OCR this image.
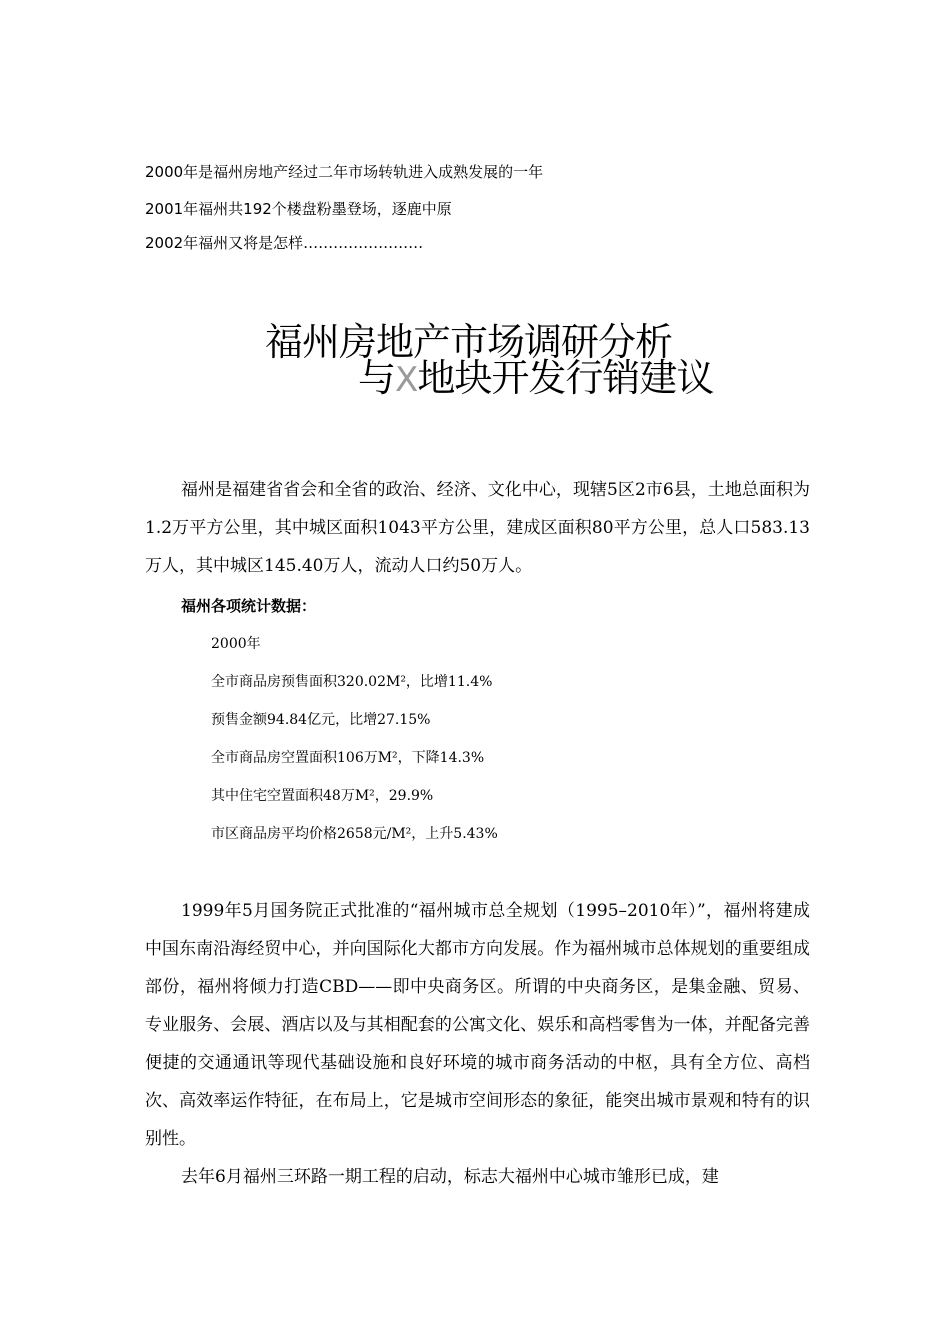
2000年是福州房地产经过二年市场转轨进入成熟发展的一年
2001年福州共192个楼盘粉墨登场，逐鹿中原
2002年福州又将是怎样……………………
福州房地产市场调研分析
与X地块开发行销建议
福州是福建省省会和全省的政治、经济、文化中心，现辖5区2市6县，土地总面积为1.2万平方公里，其中城区面积1043平方公里，建成区面积80平方公里，总人口583.13万人，其中城区145.40万人，流动人口约50万人。
福州各项统计数据：
2000年
全市商品房预售面积320.02M²，比增11.4%
预售金额94.84亿元，比增27.15%
全市商品房空置面积106万M²，下降14.3%
其中住宅空置面积48万M²，29.9%
市区商品房平均价格2658元/M²，上升5.43%
1999年5月国务院正式批准的“福州城市总全规划（1995–2010年）”，福州将建成中国东南沿海经贸中心，并向国际化大都市方向发展。作为福州城市总体规划的重要组成部份，福州将倾力打造CBD——即中央商务区。所谓的中央商务区，是集金融、贸易、专业服务、会展、酒店以及与其相配套的公寓文化、娱乐和高档零售为一体，并配备完善便捷的交通通讯等现代基础设施和良好环境的城市商务活动的中枢，具有全方位、高档次、高效率运作特征，在布局上，它是城市空间形态的象征，能突出城市景观和特有的识别性。
去年6月福州三环路一期工程的启动，标志大福州中心城市雏形已成，建
